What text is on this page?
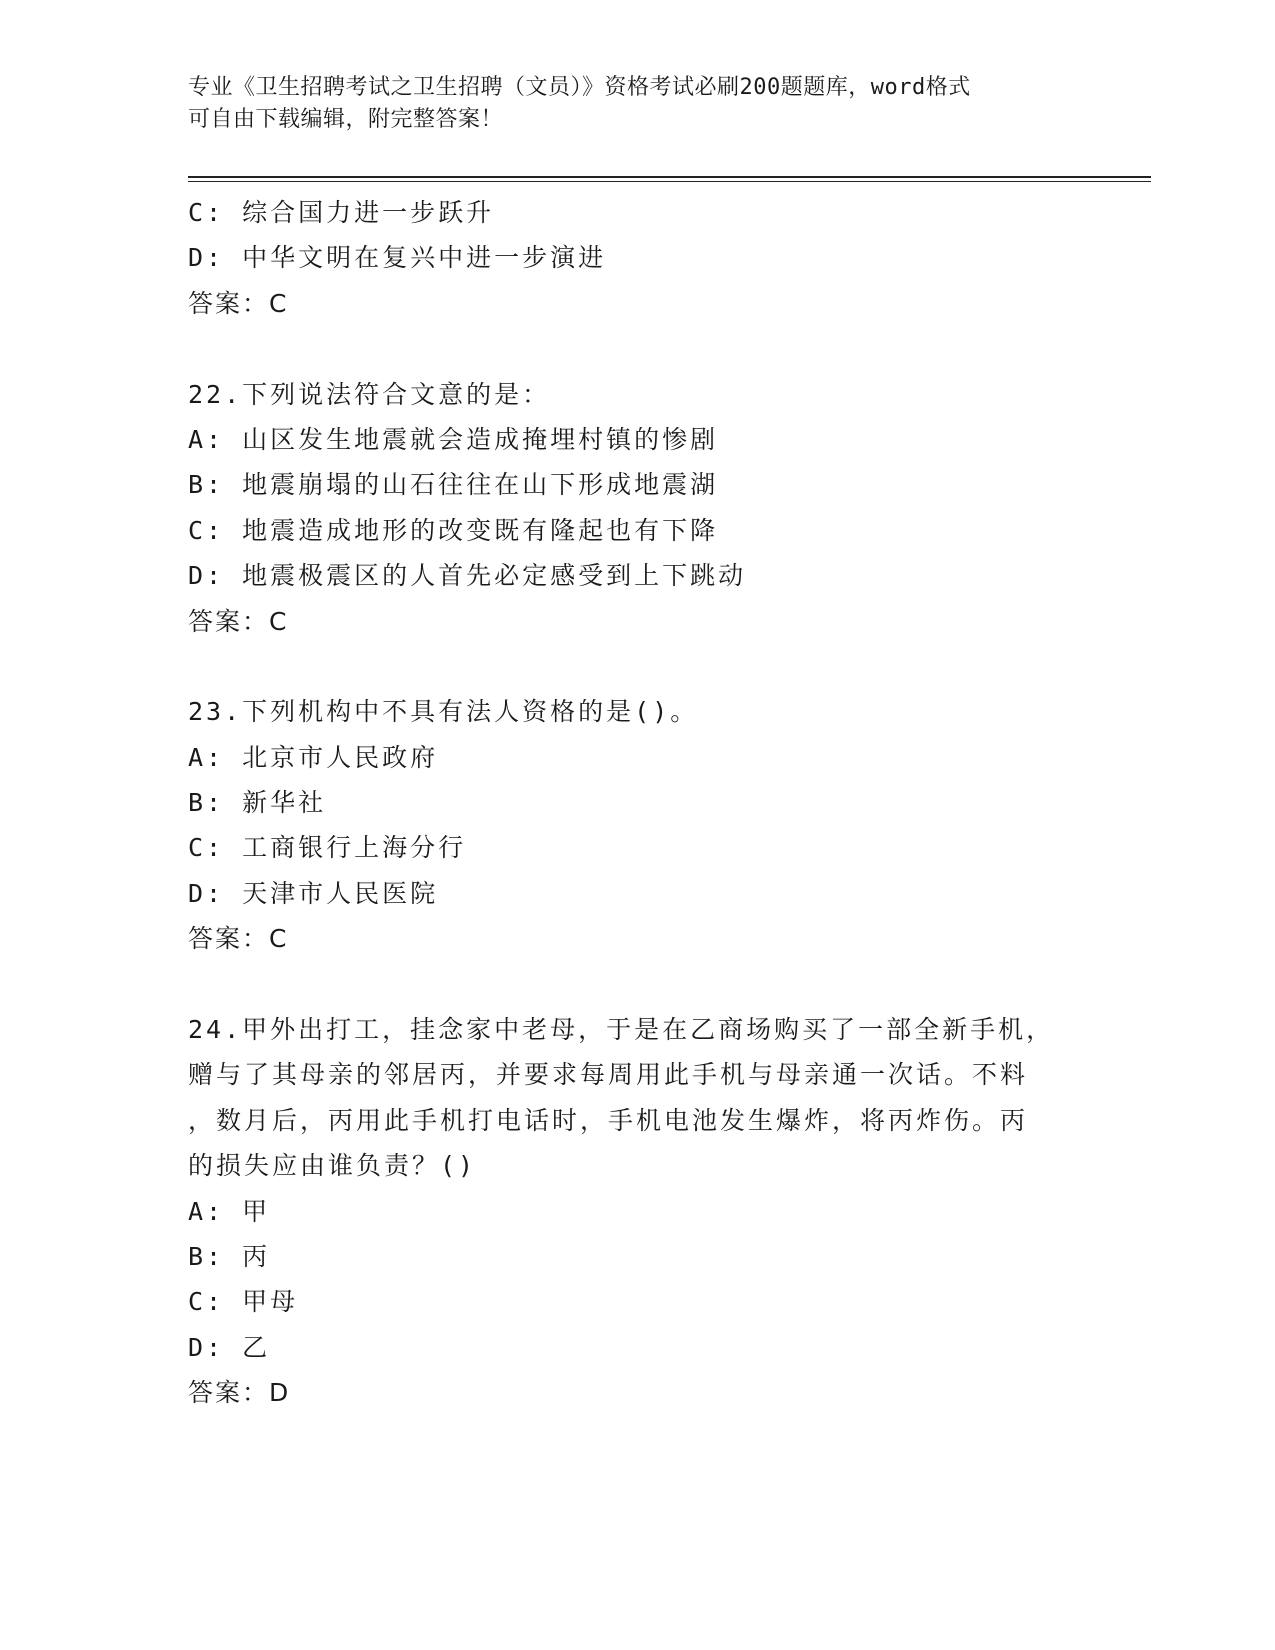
专业《卫生招聘考试之卫生招聘（文员）》资格考试必刷200题题库，word格式
可自由下载编辑，附完整答案！
C: 综合国力进一步跃升
D: 中华文明在复兴中进一步演进
答案：C
22.下列说法符合文意的是：
A: 山区发生地震就会造成掩埋村镇的惨剧
B: 地震崩塌的山石往往在山下形成地震湖
C: 地震造成地形的改变既有隆起也有下降
D: 地震极震区的人首先必定感受到上下跳动
答案：C
23.下列机构中不具有法人资格的是()。
A: 北京市人民政府
B: 新华社
C: 工商银行上海分行
D: 天津市人民医院
答案：C
24.甲外出打工，挂念家中老母，于是在乙商场购买了一部全新手机，
赠与了其母亲的邻居丙，并要求每周用此手机与母亲通一次话。不料
，数月后，丙用此手机打电话时，手机电池发生爆炸，将丙炸伤。丙
的损失应由谁负责？()
A: 甲
B: 丙
C: 甲母
D: 乙
答案：D
